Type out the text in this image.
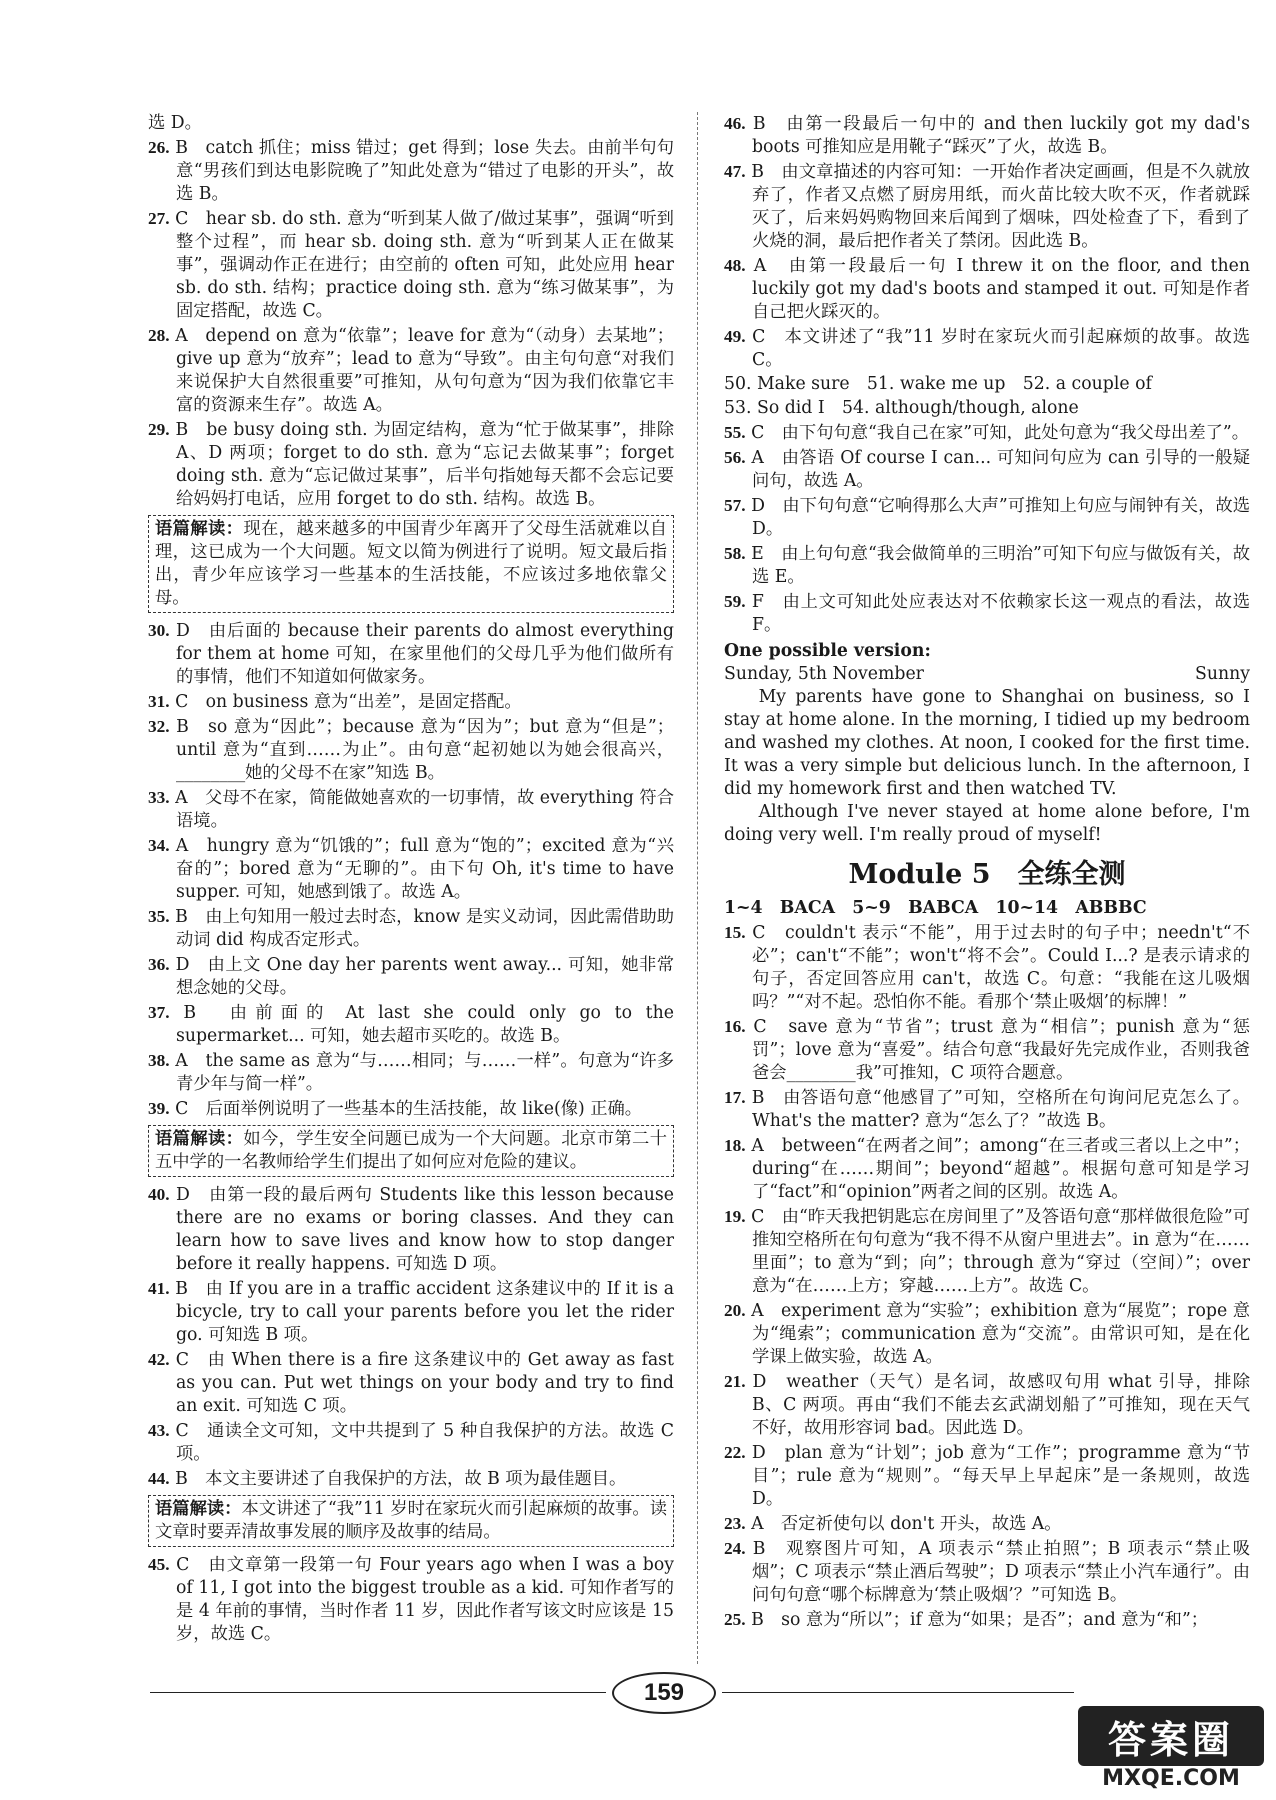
选 D。
26. B　 catch 抓住；miss 错过；get 得到；lose 失去。由前半句句意“男孩们到达电影院晚了”知此处意为“错过了电影的开头”，故选 B。
27. C　 hear sb. do sth. 意为“听到某人做了/做过某事”，强调“听到整个过程”，而 hear sb. doing sth. 意为“听到某人正在做某事”，强调动作正在进行；由空前的 often 可知，此处应用 hear sb. do sth. 结构；practice doing sth. 意为“练习做某事”，为固定搭配，故选 C。
28. A　 depend on 意为“依靠”；leave for 意为“（动身）去某地”；give up 意为“放弃”；lead to 意为“导致”。由主句句意“对我们来说保护大自然很重要”可推知，从句句意为“因为我们依靠它丰富的资源来生存”。故选 A。
29. B　 be busy doing sth. 为固定结构，意为“忙于做某事”，排除 A、D 两项；forget to do sth. 意为“忘记去做某事”；forget doing sth. 意为“忘记做过某事”，后半句指她每天都不会忘记要给妈妈打电话，应用 forget to do sth. 结构。故选 B。
语篇解读：现在，越来越多的中国青少年离开了父母生活就难以自理，这已成为一个大问题。短文以简为例进行了说明。短文最后指出，青少年应该学习一些基本的生活技能，不应该过多地依靠父母。
30. D　 由后面的 because their parents do almost everything for them at home 可知，在家里他们的父母几乎为他们做所有的事情，他们不知道如何做家务。
31. C　 on business 意为“出差”，是固定搭配。
32. B　 so 意为“因此”；because 意为“因为”；but 意为“但是”；until 意为“直到……为止”。由句意“起初她以为她会很高兴，________她的父母不在家”知选 B。
33. A　 父母不在家，简能做她喜欢的一切事情，故 everything 符合语境。
34. A　 hungry 意为“饥饿的”；full 意为“饱的”；excited 意为“兴奋的”；bored 意为“无聊的”。由下句 Oh, it's time to have supper. 可知，她感到饿了。故选 A。
35. B　 由上句知用一般过去时态，know 是实义动词，因此需借助助动词 did 构成否定形式。
36. D　 由上文 One day her parents went away... 可知，她非常想念她的父母。
37. B　 由前面的 At last she could only go to the supermarket... 可知，她去超市买吃的。故选 B。
38. A　 the same as 意为“与……相同；与……一样”。句意为“许多青少年与简一样”。
39. C　 后面举例说明了一些基本的生活技能，故 like(像) 正确。
语篇解读：如今，学生安全问题已成为一个大问题。北京市第二十五中学的一名教师给学生们提出了如何应对危险的建议。
40. D　 由第一段的最后两句 Students like this lesson because there are no exams or boring classes. And they can learn how to save lives and know how to stop danger before it really happens. 可知选 D 项。
41. B　 由 If you are in a traffic accident 这条建议中的 If it is a bicycle, try to call your parents before you let the rider go. 可知选 B 项。
42. C　 由 When there is a fire 这条建议中的 Get away as fast as you can. Put wet things on your body and try to find an exit. 可知选 C 项。
43. C　 通读全文可知，文中共提到了 5 种自我保护的方法。故选 C 项。
44. B　 本文主要讲述了自我保护的方法，故 B 项为最佳题目。
语篇解读：本文讲述了“我”11 岁时在家玩火而引起麻烦的故事。读文章时要弄清故事发展的顺序及故事的结局。
45. C　 由文章第一段第一句 Four years ago when I was a boy of 11, I got into the biggest trouble as a kid. 可知作者写的是 4 年前的事情，当时作者 11 岁，因此作者写该文时应该是 15 岁，故选 C。
46. B　 由第一段最后一句中的 and then luckily got my dad's boots 可推知应是用靴子“踩灭”了火，故选 B。
47. B　 由文章描述的内容可知：一开始作者决定画画，但是不久就放弃了，作者又点燃了厨房用纸，而火苗比较大吹不灭，作者就踩灭了，后来妈妈购物回来后闻到了烟味，四处检查了下，看到了火烧的洞，最后把作者关了禁闭。因此选 B。
48. A　 由第一段最后一句 I threw it on the floor, and then luckily got my dad's boots and stamped it out. 可知是作者自己把火踩灭的。
49. C　 本文讲述了“我”11 岁时在家玩火而引起麻烦的故事。故选 C。
50. Make sure　51. wake me up　52. a couple of
53. So did I　54. although/though, alone
55. C　 由下句句意“我自己在家”可知，此处句意为“我父母出差了”。
56. A　 由答语 Of course I can... 可知问句应为 can 引导的一般疑问句，故选 A。
57. D　 由下句句意“它响得那么大声”可推知上句应与闹钟有关，故选 D。
58. E　 由上句句意“我会做简单的三明治”可知下句应与做饭有关，故选 E。
59. F　 由上文可知此处应表达对不依赖家长这一观点的看法，故选 F。
One possible version:
Sunday, 5th November	Sunny

My parents have gone to Shanghai on business, so I stay at home alone. In the morning, I tidied up my bedroom and washed my clothes. At noon, I cooked for the first time. It was a very simple but delicious lunch. In the afternoon, I did my homework first and then watched TV.

Although I've never stayed at home alone before, I'm doing very well. I'm really proud of myself!

Module 5　全练全测
1~4　BACA　5~9　BABCA　10~14　ABBBC
15. C　 couldn't 表示“不能”，用于过去时的句子中；needn't“不必”；can't“不能”；won't“将不会”。Could I...? 是表示请求的句子，否定回答应用 can't，故选 C。句意：“我能在这儿吸烟吗？”“对不起。恐怕你不能。看那个‘禁止吸烟’的标牌！”
16. C　 save 意为“节省”；trust 意为“相信”；punish 意为“惩罚”；love 意为“喜爱”。结合句意“我最好先完成作业，否则我爸爸会________我”可推知，C 项符合题意。
17. B　 由答语句意“他感冒了”可知，空格所在句询问尼克怎么了。What's the matter? 意为“怎么了？”故选 B。
18. A　 between“在两者之间”；among“在三者或三者以上之中”；during“在……期间”；beyond“超越”。根据句意可知是学习了“fact”和“opinion”两者之间的区别。故选 A。
19. C　 由“昨天我把钥匙忘在房间里了”及答语句意“那样做很危险”可推知空格所在句句意为“我不得不从窗户里进去”。in 意为“在……里面”；to 意为“到；向”；through 意为“穿过（空间）”；over 意为“在……上方；穿越……上方”。故选 C。
20. A　 experiment 意为“实验”；exhibition 意为“展览”；rope 意为“绳索”；communication 意为“交流”。由常识可知，是在化学课上做实验，故选 A。
21. D　 weather（天气）是名词，故感叹句用 what 引导，排除 B、C 两项。再由“我们不能去玄武湖划船了”可推知，现在天气不好，故用形容词 bad。因此选 D。
22. D　 plan 意为“计划”；job 意为“工作”；programme 意为“节目”；rule 意为“规则”。“每天早上早起床”是一条规则，故选 D。
23. A　 否定祈使句以 don't 开头，故选 A。
24. B　 观察图片可知，A 项表示“禁止拍照”；B 项表示“禁止吸烟”；C 项表示“禁止酒后驾驶”；D 项表示“禁止小汽车通行”。由问句句意“哪个标牌意为‘禁止吸烟’？”可知选 B。
25. B　 so 意为“所以”；if 意为“如果；是否”；and 意为“和”；
159
答案圈
MXQE.COM
